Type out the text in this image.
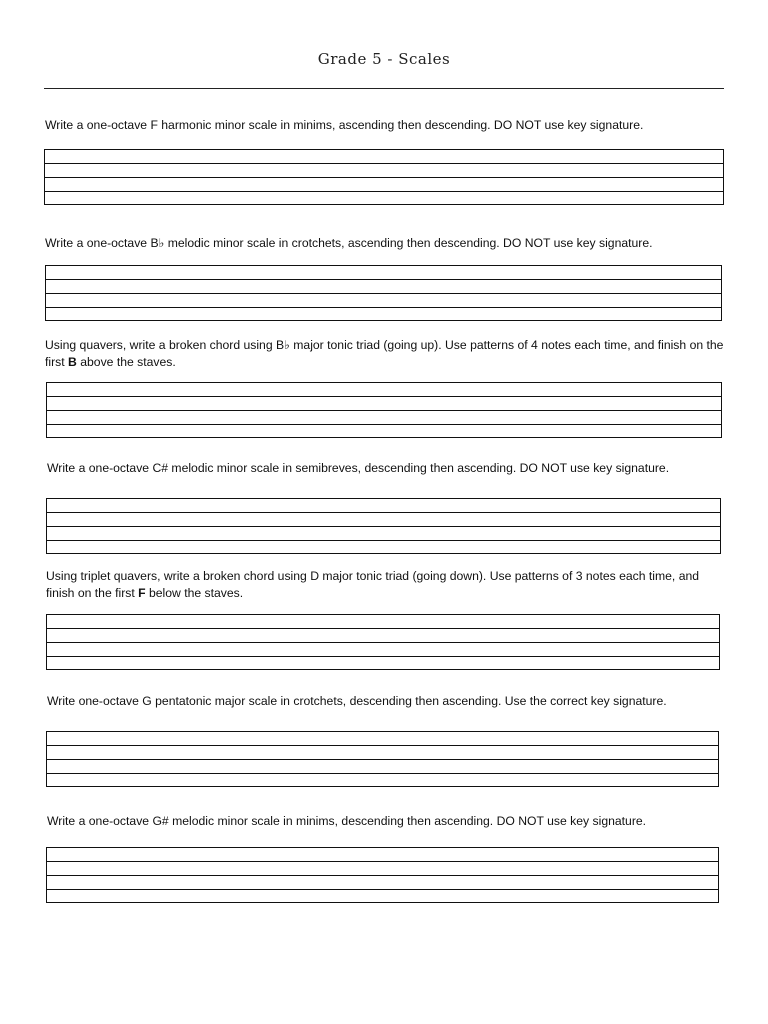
Grade 5 - Scales
Write a one-octave F harmonic minor scale in minims, ascending then descending. DO NOT use key signature.
Write a one-octave B♭ melodic minor scale in crotchets, ascending then descending. DO NOT use key signature.
Using quavers, write a broken chord using B♭ major tonic triad (going up). Use patterns of 4 notes each time, and finish on the first B above the staves.
Write a one-octave C# melodic minor scale in semibreves, descending then ascending. DO NOT use key signature.
Using triplet quavers, write a broken chord using D major tonic triad (going down). Use patterns of 3 notes each time, and finish on the first F below the staves.
Write one-octave G pentatonic major scale in crotchets, descending then ascending. Use the correct key signature.
Write a one-octave G# melodic minor scale in minims, descending then ascending. DO NOT use key signature.
